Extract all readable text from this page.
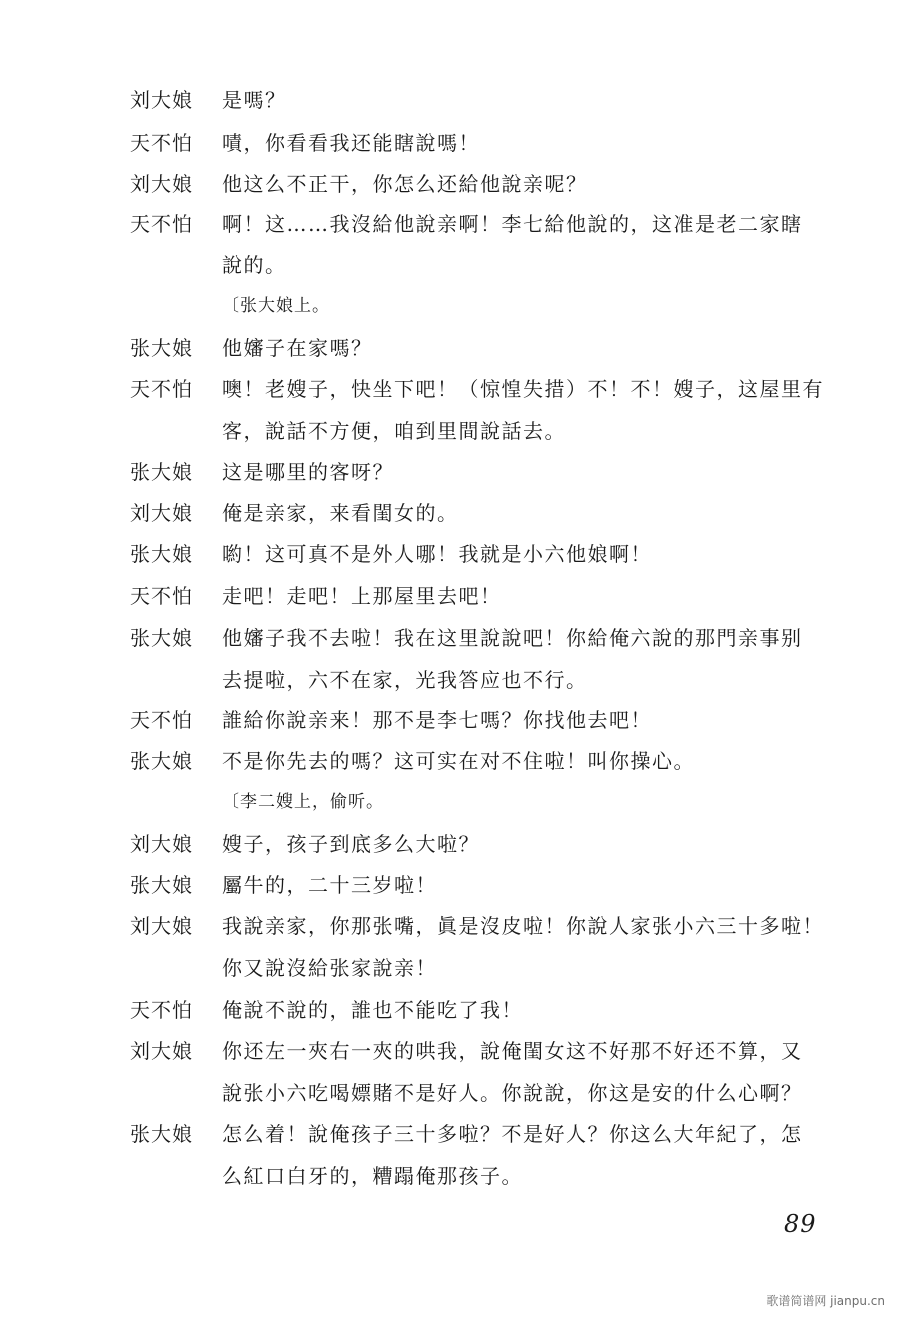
刘大娘	是嗎？
天不怕	嘖，你看看我还能瞎說嗎！
刘大娘	他这么不正干，你怎么还給他說亲呢？
天不怕	啊！这……我沒給他說亲啊！李七給他說的，这准是老二家瞎
說的。
〔张大娘上。
张大娘	他嬸子在家嗎？
天不怕	噢！老嫂子，快坐下吧！（惊惶失措）不！不！嫂子，这屋里有
客，說話不方便，咱到里間說話去。
张大娘	这是哪里的客呀？
刘大娘	俺是亲家，来看閨女的。
张大娘	喲！这可真不是外人哪！我就是小六他娘啊！
天不怕	走吧！走吧！上那屋里去吧！
张大娘	他嬸子我不去啦！我在这里說說吧！你給俺六說的那門亲事别
去提啦，六不在家，光我答应也不行。
天不怕	誰給你說亲来！那不是李七嗎？你找他去吧！
张大娘	不是你先去的嗎？这可实在对不住啦！叫你操心。
〔李二嫂上，偷听。
刘大娘	嫂子，孩子到底多么大啦？
张大娘	屬牛的，二十三岁啦！
刘大娘	我說亲家，你那张嘴，眞是沒皮啦！你說人家张小六三十多啦！
你又說沒給张家說亲！
天不怕	俺說不說的，誰也不能吃了我！
刘大娘	你还左一夾右一夾的哄我，說俺閨女这不好那不好还不算，又
說张小六吃喝嫖賭不是好人。你說說，你这是安的什么心啊？
张大娘	怎么着！說俺孩子三十多啦？不是好人？你这么大年紀了，怎
么紅口白牙的，糟蹋俺那孩子。
89
歌谱简谱网 jianpu.cn
